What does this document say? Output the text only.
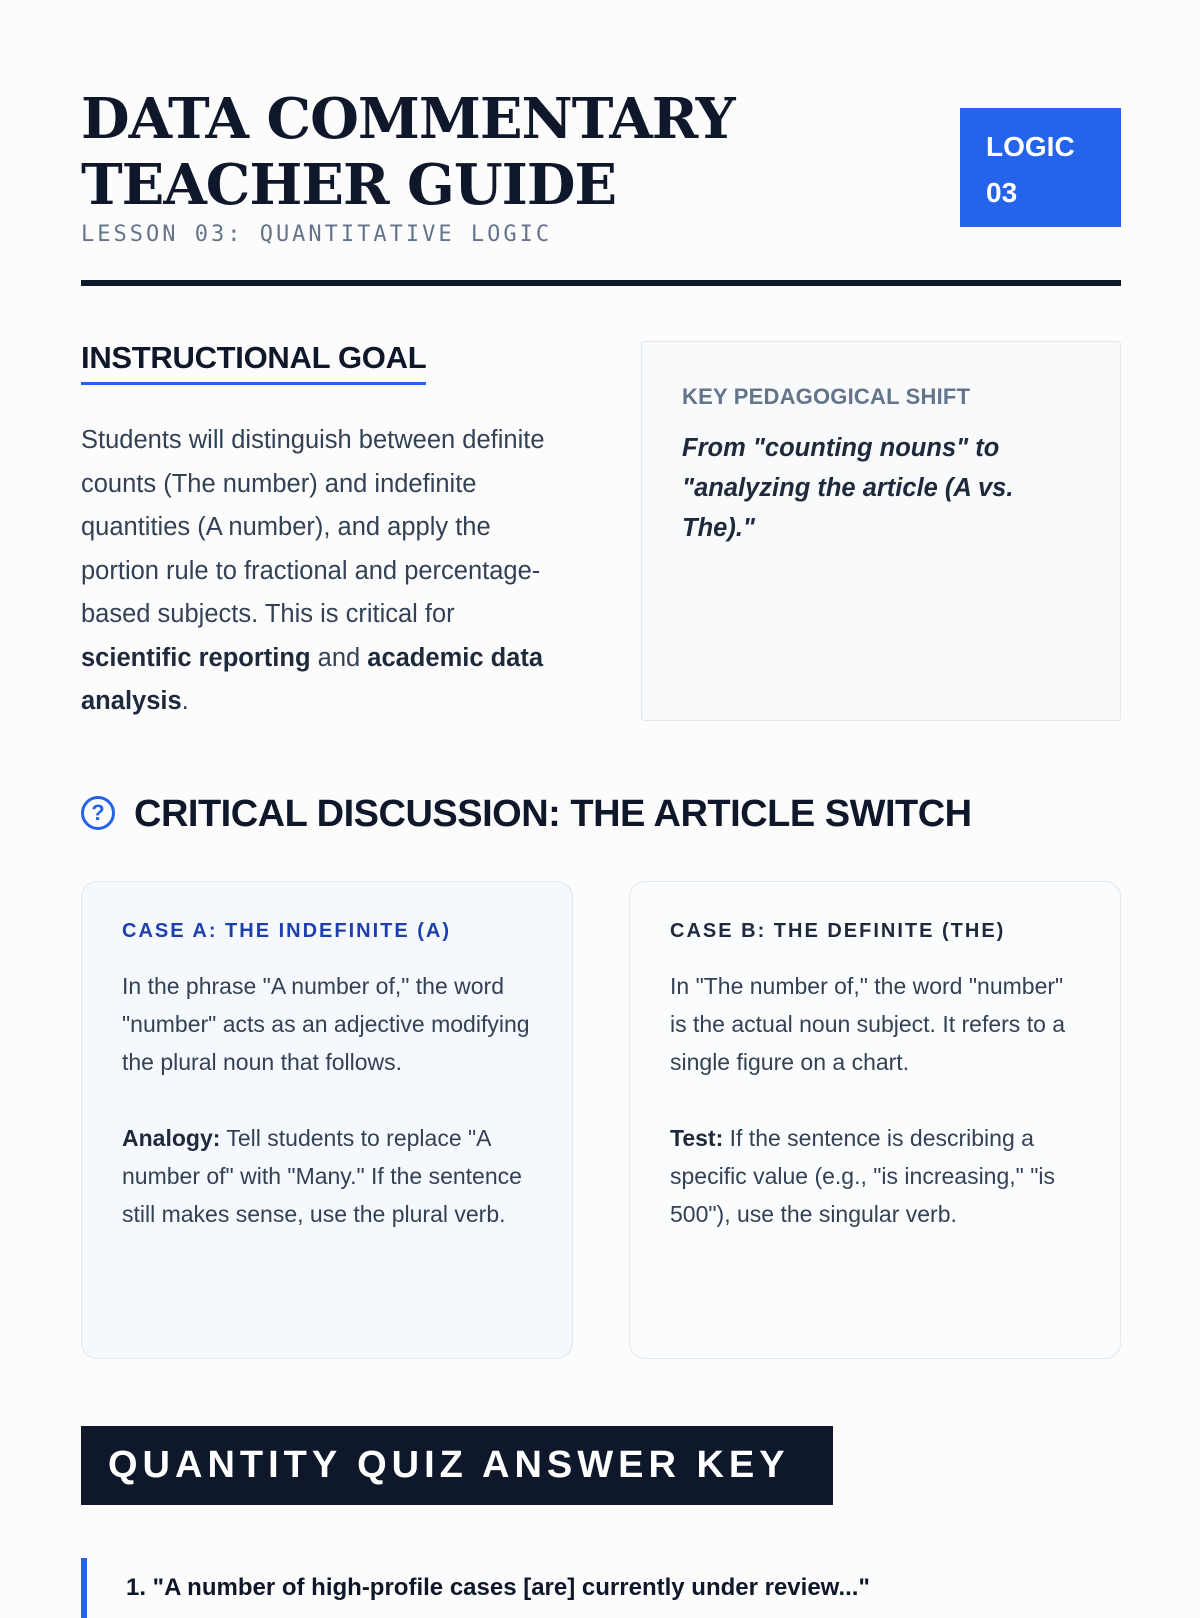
DATA COMMENTARY
TEACHER GUIDE
LESSON 03: QUANTITATIVE LOGIC
LOGIC
03
INSTRUCTIONAL GOAL
Students will distinguish between definite counts (The number) and indefinite quantities (A number), and apply the portion rule to fractional and percentage-based subjects. This is critical for scientific reporting and academic data analysis.
KEY PEDAGOGICAL SHIFT
From "counting nouns" to "analyzing the article (A vs. The)."
? CRITICAL DISCUSSION: THE ARTICLE SWITCH
CASE A: THE INDEFINITE (A)

In the phrase "A number of," the word "number" acts as an adjective modifying the plural noun that follows.

Analogy: Tell students to replace "A number of" with "Many." If the sentence still makes sense, use the plural verb.

CASE B: THE DEFINITE (THE)

In "The number of," the word "number" is the actual noun subject. It refers to a single figure on a chart.

Test: If the sentence is describing a specific value (e.g., "is increasing," "is 500"), use the singular verb.

QUANTITY QUIZ ANSWER KEY
1. "A number of high-profile cases [are] currently under review..."
